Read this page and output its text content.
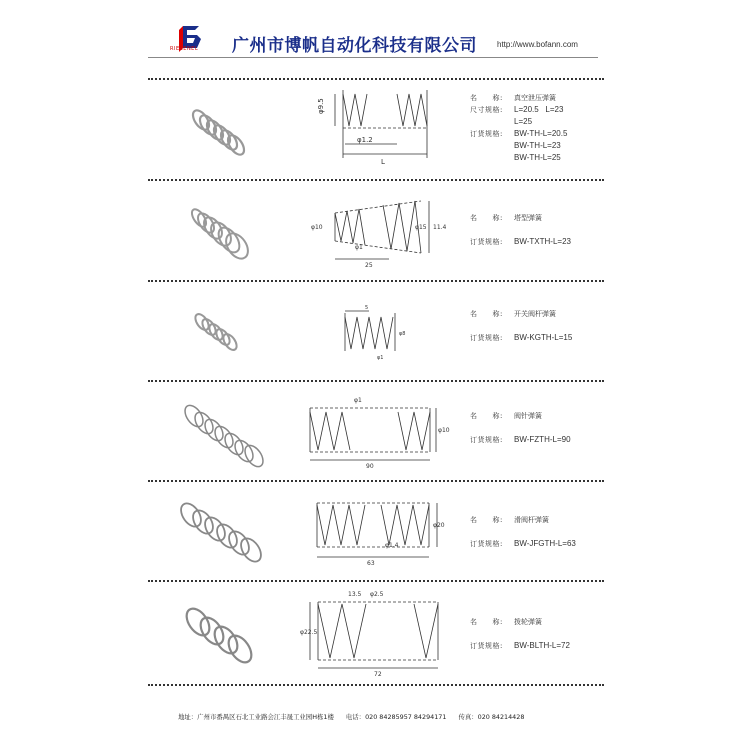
RIESENEL 广州市博帆自动化科技有限公司	http://www.bofann.com
φ9.5
φ1.2
L
名　　称: 真空泄压弹簧
尺寸规格: L=20.5 L=23
L=25
订货规格: BW-TH-L=20.5
BW-TH-L=23
BW-TH-L=25
φ10	φ15
φ1
25
11.4
名　　称: 塔型弹簧
订货规格: BW-TXTH-L=23
5
φ8
φ1
名　　称: 开关阀杆弹簧
订货规格: BW-KGTH-L=15
φ1
φ10
90
名　　称: 阀针弹簧
订货规格: BW-FZTH-L=90
φ20
φ1.4
63
名　　称: 滑阀杆弹簧
订货规格: BW-JFGTH-L=63
13.5 φ2.5
φ22.5
72
名　　称: 拨轮弹簧
订货规格: BW-BLTH-L=72
地址：广州市番禺区石北工业路会江丰晟工业园H栋1楼 电话：020 84285957 84294171 传真：020 84214428
